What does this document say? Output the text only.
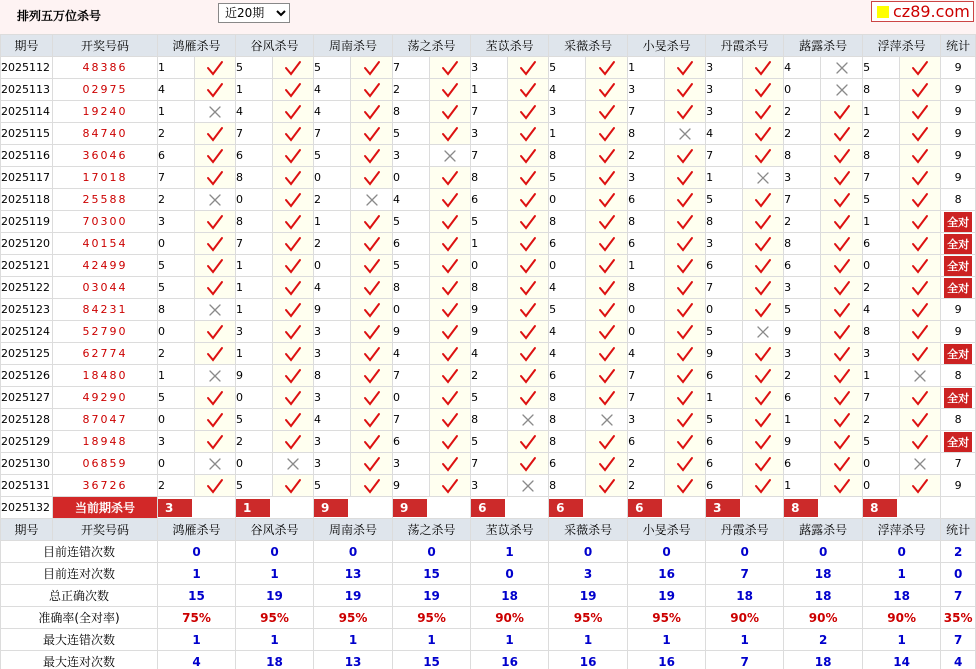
排列五万位杀号
近20期	cz89.com
期号	开奖号码	鸿雁杀号		谷风杀号		周南杀号		荡之杀号		苤苡杀号		采薇杀号		小旻杀号		丹霞杀号		蕗露杀号		浮萍杀号		统计
2025112	48386	1		5		5		7		3		5		1		3		4		5		9
2025113	02975	4		1		4		2		1		4		3		3		0		8		9
2025114	19240	1		4		4		8		7		3		7		3		2		1		9
2025115	84740	2		7		7		5		3		1		8		4		2		2		9
2025116	36046	6		6		5		3		7		8		2		7		8		8		9
2025117	17018	7		8		0		0		8		5		3		1		3		7		9
2025118	25588	2		0		2		4		6		0		6		5		7		5		8
2025119	70300	3		8		1		5		5		8		8		8		2		1		全对
2025120	40154	0		7		2		6		1		6		6		3		8		6		全对
2025121	42499	5		1		0		5		0		0		1		6		6		0		全对
2025122	03044	5		1		4		8		8		4		8		7		3		2		全对
2025123	84231	8		1		9		0		9		5		0		0		5		4		9
2025124	52790	0		3		3		9		9		4		0		5		9		8		9
2025125	62774	2		1		3		4		4		4		4		9		3		3		全对
2025126	18480	1		9		8		7		2		6		7		6		2		1		8
2025127	49290	5		0		3		0		5		8		7		1		6		7		全对
2025128	87047	0		5		4		7		8		8		3		5		1		2		8
2025129	18948	3		2		3		6		5		8		6		6		9		5		全对
2025130	06859	0		0		3		3		7		6		2		6		6		0		7
2025131	36726	2		5		5		9		3		8		2		6		1		0		9
2025132	当前期杀号	3		1		9		9		6		6		6		3		8		8		
期号	开奖号码	鸿雁杀号		谷风杀号		周南杀号		荡之杀号		苤苡杀号		采薇杀号		小旻杀号		丹霞杀号		蕗露杀号		浮萍杀号		统计
目前连错次数		0		0		0		0		1		0		0		0		0		0		2
目前连对次数		1		1		13		15		0		3		16		7		18		1		0
总正确次数		15		19		19		19		18		19		19		18		18		18		7
准确率(全对率)		75%		95%		95%		95%		90%		95%		95%		90%		90%		90%		35%
最大连错次数		1		1		1		1		1		1		1		1		2		1		7
最大连对次数		4		18		13		15		16		16		16		7		18		14		4
